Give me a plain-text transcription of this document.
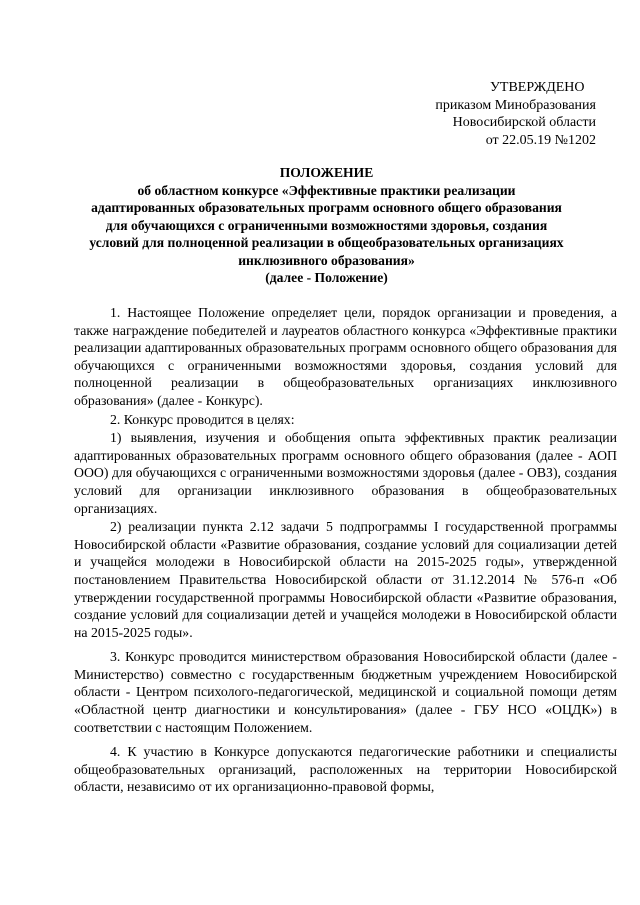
УТВЕРЖДЕНО
приказом Минобразования
Новосибирской области
от 22.05.19 №1202
ПОЛОЖЕНИЕ
об областном конкурсе «Эффективные практики реализации
адаптированных образовательных программ основного общего образования
для обучающихся с ограниченными возможностями здоровья, создания
условий для полноценной реализации в общеобразовательных организациях
инклюзивного образования»
(далее - Положение)

1. Настоящее Положение определяет цели, порядок организации и проведения, а также награждение победителей и лауреатов областного конкурса «Эффективные практики реализации адаптированных образовательных программ основного общего образования для обучающихся с ограниченными возможностями здоровья, создания условий для полноценной реализации в общеобразовательных организациях инклюзивного образования» (далее - Конкурс).

2. Конкурс проводится в целях:

1) выявления, изучения и обобщения опыта эффективных практик реализации адаптированных образовательных программ основного общего образования (далее - АОП ООО) для обучающихся с ограниченными возможностями здоровья (далее - ОВЗ), создания условий для организации инклюзивного образования в общеобразовательных организациях.

2) реализации пункта 2.12 задачи 5 подпрограммы I государственной программы Новосибирской области «Развитие образования, создание условий для социализации детей и учащейся молодежи в Новосибирской области на 2015-2025 годы», утвержденной постановлением Правительства Новосибирской области от 31.12.2014 № 576-п «Об утверждении государственной программы Новосибирской области «Развитие образования, создание условий для социализации детей и учащейся молодежи в Новосибирской области на 2015-2025 годы».

3. Конкурс проводится министерством образования Новосибирской области (далее - Министерство) совместно с государственным бюджетным учреждением Новосибирской области - Центром психолого-педагогической, медицинской и социальной помощи детям «Областной центр диагностики и консультирования» (далее - ГБУ НСО «ОЦДК») в соответствии с настоящим Положением.

4. К участию в Конкурсе допускаются педагогические работники и специалисты общеобразовательных организаций, расположенных на территории Новосибирской области, независимо от их организационно-правовой формы,
